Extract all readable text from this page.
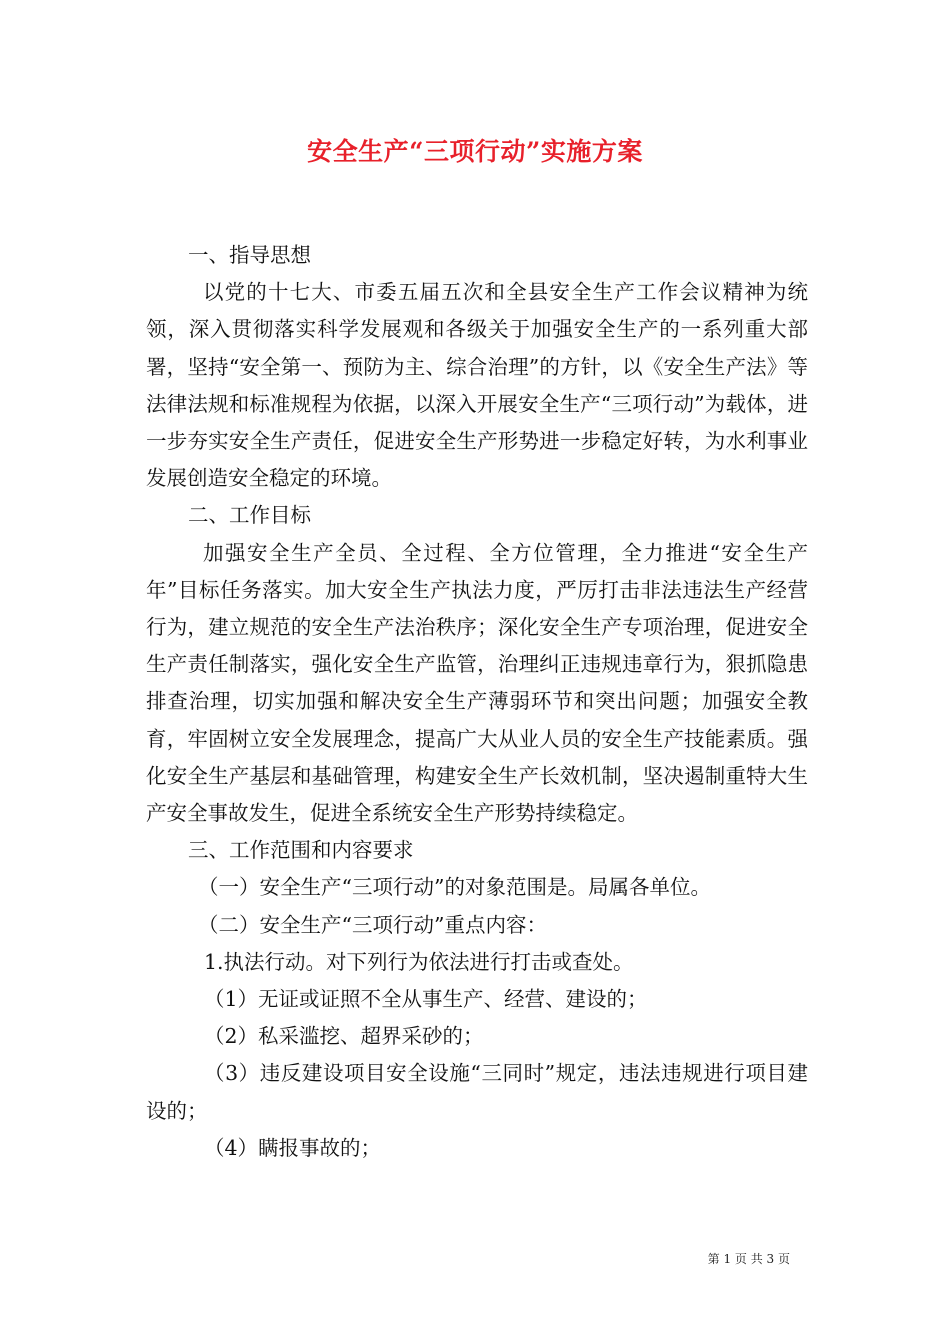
安全生产“三项行动”实施方案

一、指导思想

以党的十七大、市委五届五次和全县安全生产工作会议精神为统领，深入贯彻落实科学发展观和各级关于加强安全生产的一系列重大部署，坚持“安全第一、预防为主、综合治理”的方针，以《安全生产法》等法律法规和标准规程为依据，以深入开展安全生产“三项行动”为载体，进一步夯实安全生产责任，促进安全生产形势进一步稳定好转，为水利事业发展创造安全稳定的环境。

二、工作目标

加强安全生产全员、全过程、全方位管理，全力推进“安全生产年”目标任务落实。加大安全生产执法力度，严厉打击非法违法生产经营行为，建立规范的安全生产法治秩序；深化安全生产专项治理，促进安全生产责任制落实，强化安全生产监管，治理纠正违规违章行为，狠抓隐患排查治理，切实加强和解决安全生产薄弱环节和突出问题；加强安全教育，牢固树立安全发展理念，提高广大从业人员的安全生产技能素质。强化安全生产基层和基础管理，构建安全生产长效机制，坚决遏制重特大生产安全事故发生，促进全系统安全生产形势持续稳定。

三、工作范围和内容要求

（一）安全生产“三项行动”的对象范围是。局属各单位。

（二）安全生产“三项行动”重点内容：

1.执法行动。对下列行为依法进行打击或查处。

（1）无证或证照不全从事生产、经营、建设的；

（2）私采滥挖、超界采砂的；

（3）违反建设项目安全设施“三同时”规定，违法违规进行项目建设的；

（4）瞒报事故的；

第 1 页 共 3 页
